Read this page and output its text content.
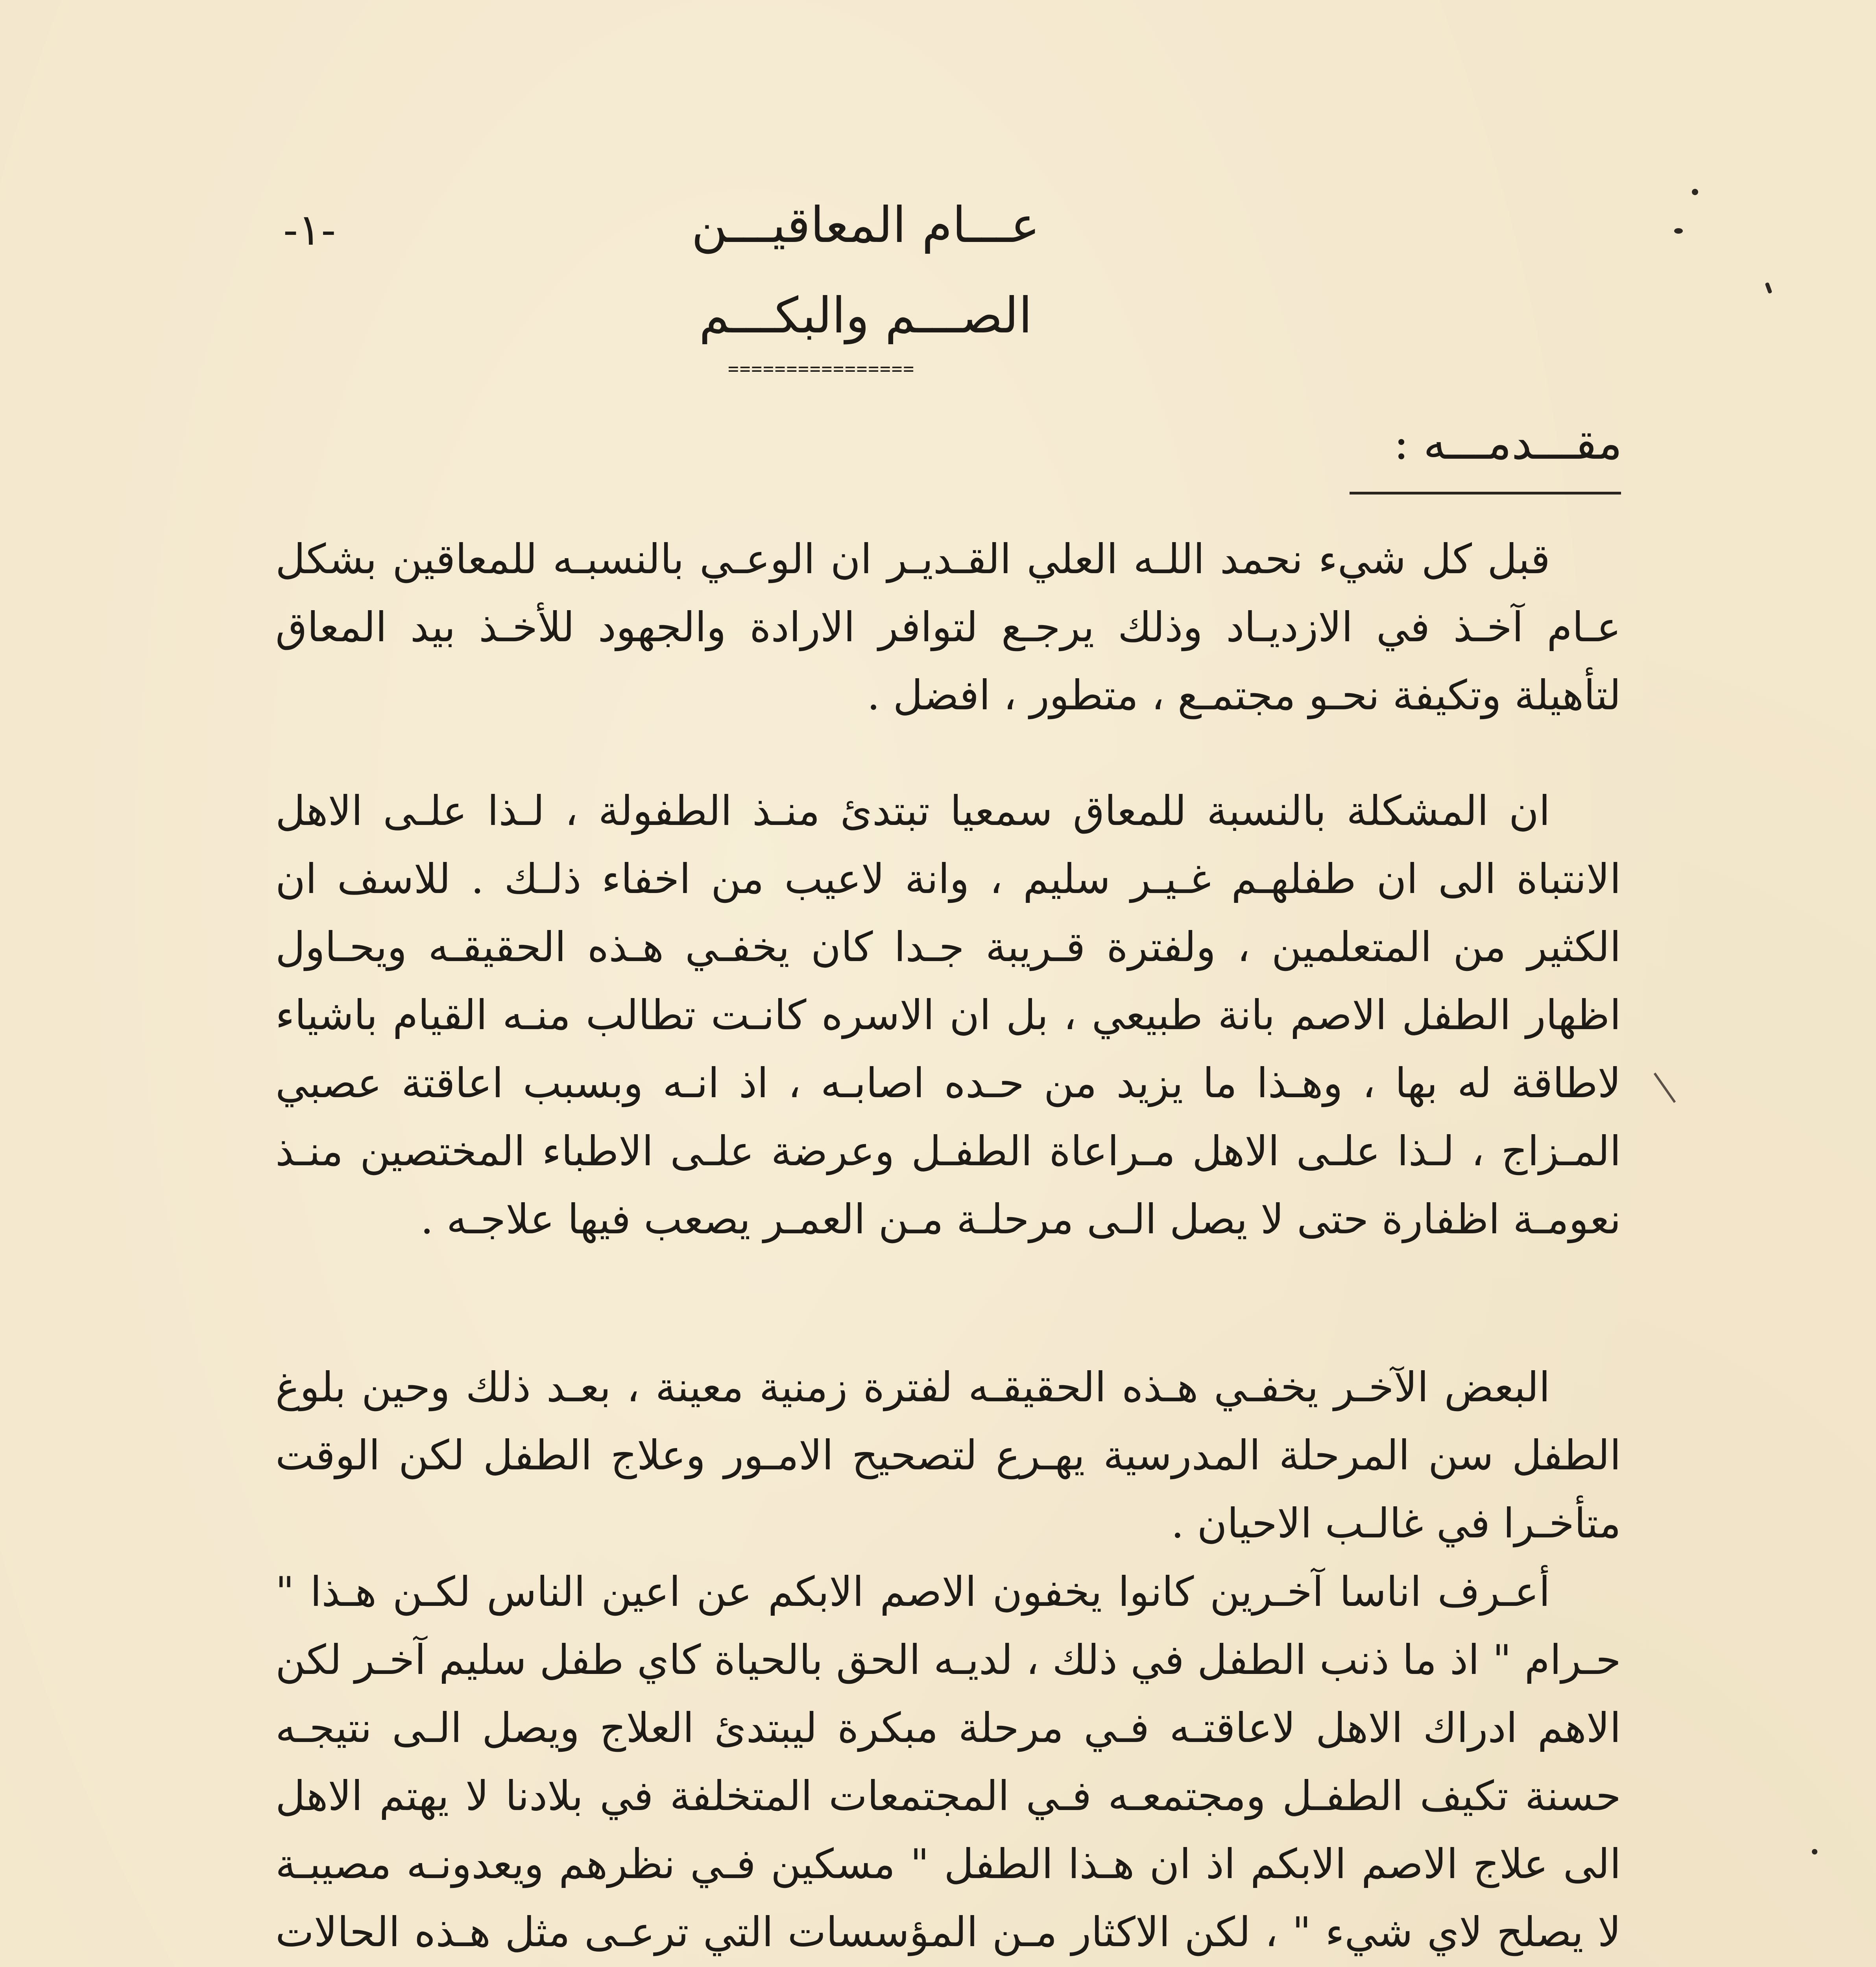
-١-	عـــام المعاقيـــن
الصـــم والبكـــم
================
مقـــدمـــه :

قبل كل شيء نحمد اللـه العلي القـديـر ان الوعـي بالنسبـه للمعاقين بشكل عـام آخـذ في الازديـاد وذلك يرجـع لتوافر الارادة والجهود للأخـذ بيد المعاق لتأهيلة وتكيفة نحـو مجتمـع ، متطور ، افضل .

ان المشكلة بالنسبة للمعاق سمعيا تبتدئ منـذ الطفولة ، لـذا علـى الاهل الانتباة الى ان طفلهـم غـيـر سليم ، وانة لاعيب من اخفاء ذلـك . للاسف ان الكثير من المتعلمين ، ولفترة قـريبة جـدا كان يخفـي هـذه الحقيقـه ويحـاول اظهار الطفل الاصم بانة طبيعي ، بل ان الاسره كانـت تطالب منـه القيام باشياء لاطاقة له بها ، وهـذا ما يزيد من حـده اصابـه ، اذ انـه وبسبب اعاقتة عصبي المـزاج ، لـذا علـى الاهل مـراعاة الطفـل وعرضة علـى الاطباء المختصين منـذ نعومـة اظفارة حتى لا يصل الـى مرحلـة مـن العمـر يصعب فيها علاجـه .

البعض الآخـر يخفـي هـذه الحقيقـه لفترة زمنية معينة ، بعـد ذلك وحين بلوغ الطفل سن المرحلة المدرسية يهـرع لتصحيح الامـور وعلاج الطفل لكن الوقت متأخـرا في غالـب الاحيان .

أعـرف اناسا آخـرين كانوا يخفون الاصم الابكم عن اعين الناس لكـن هـذا " حـرام " اذ ما ذنب الطفل في ذلك ، لديـه الحق بالحياة كاي طفل سليم آخـر لكن الاهم ادراك الاهل لاعاقتـه فـي مرحلة مبكرة ليبتدئ العلاج ويصل الـى نتيجـه حسنة تكيف الطفـل ومجتمعـه فـي المجتمعات المتخلفة في بلادنا لا يهتم الاهل الى علاج الاصم الابكم اذ ان هـذا الطفل " مسكين فـي نظرهم ويعدونـه مصيبـة لا يصلح لاي شيء " ، لكن الاكثار مـن المؤسسات التي ترعـى مثل هـذه الحالات
